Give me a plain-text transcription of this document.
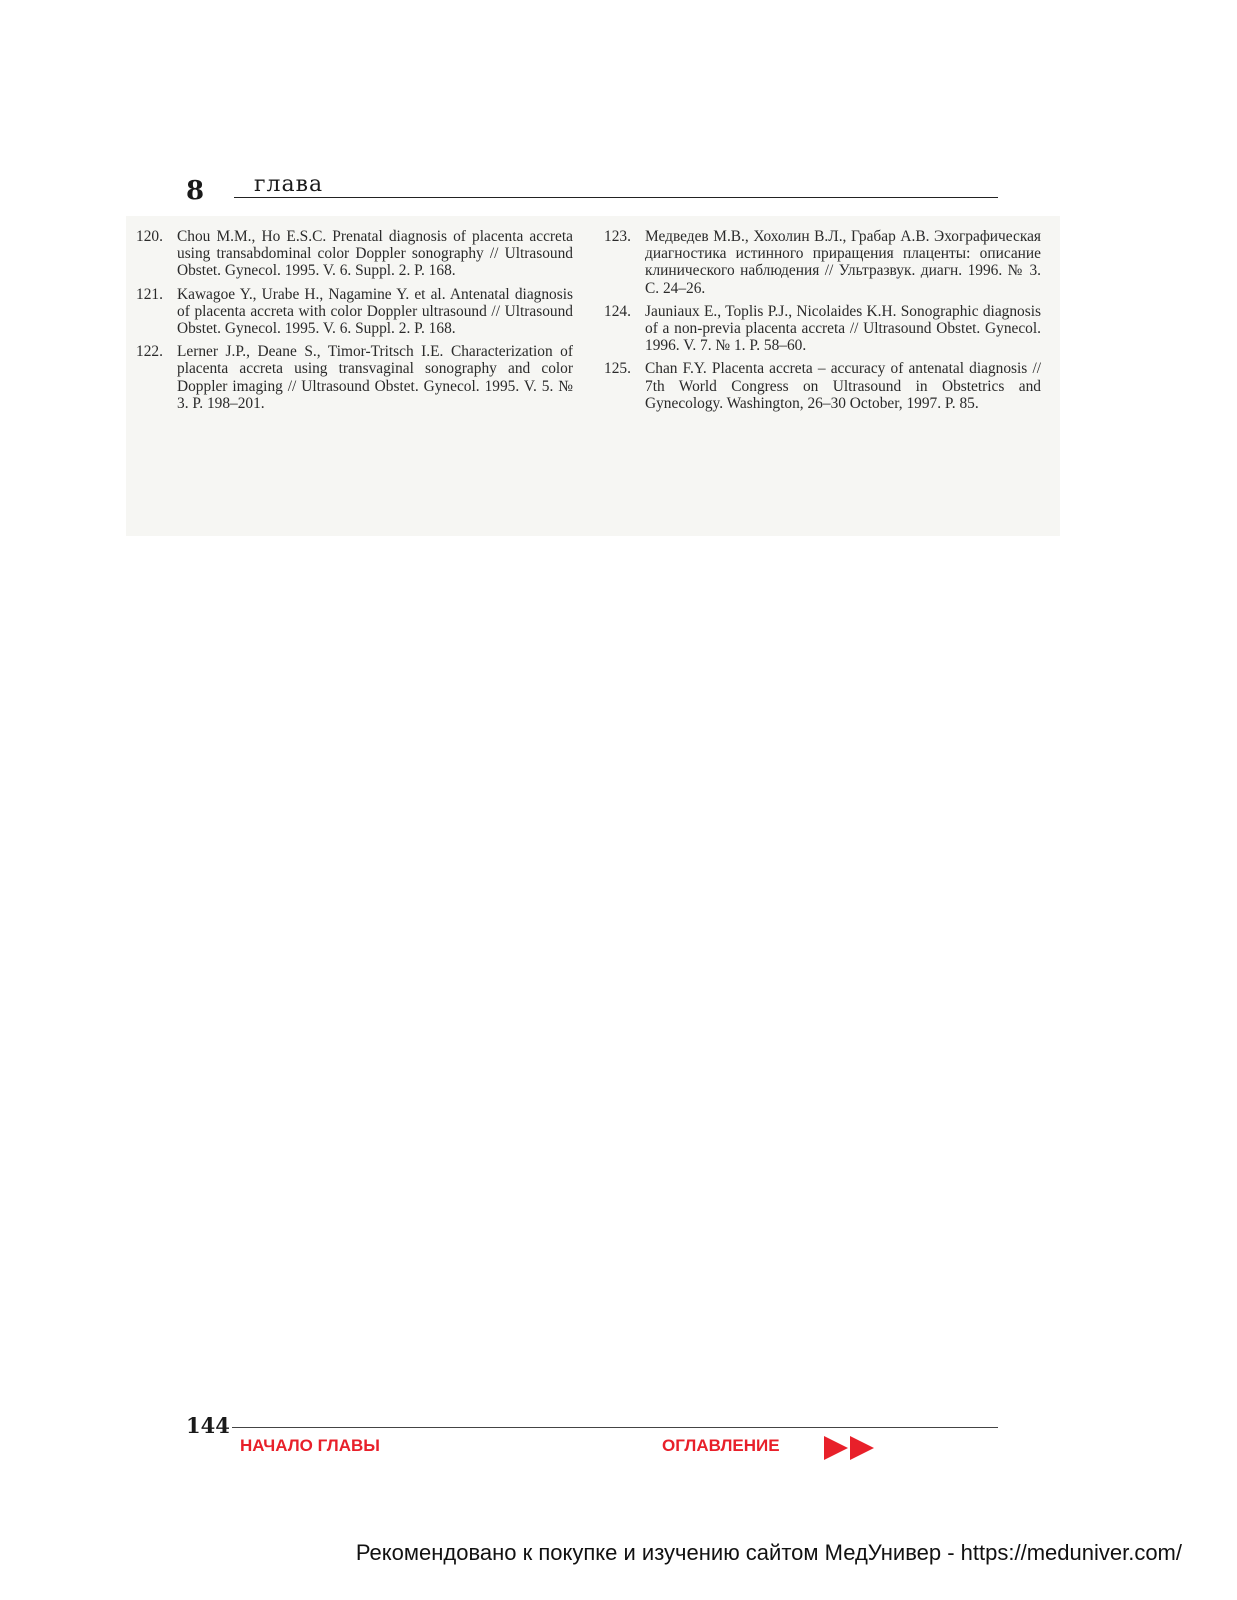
8 глава
120. Chou M.M., Ho E.S.C. Prenatal diagnosis of placenta accreta using transabdominal color Doppler sonography // Ultrasound Obstet. Gynecol. 1995. V. 6. Suppl. 2. P. 168.
121. Kawagoe Y., Urabe H., Nagamine Y. et al. Antenatal diagnosis of placenta accreta with color Doppler ultrasound // Ultrasound Obstet. Gynecol. 1995. V. 6. Suppl. 2. P. 168.
122. Lerner J.P., Deane S., Timor-Tritsch I.E. Characterization of placenta accreta using transvaginal sonography and color Doppler imaging // Ultrasound Obstet. Gynecol. 1995. V. 5. № 3. P. 198–201.
123. Медведев М.В., Хохолин В.Л., Грабар А.В. Эхографическая диагностика истинного приращения плаценты: описание клинического наблюдения // Ультразвук. диагн. 1996. № 3. С. 24–26.
124. Jauniaux E., Toplis P.J., Nicolaides K.H. Sonographic diagnosis of a non-previa placenta accreta // Ultrasound Obstet. Gynecol. 1996. V. 7. № 1. P. 58–60.
125. Chan F.Y. Placenta accreta – accuracy of antenatal diagnosis // 7th World Congress on Ultrasound in Obstetrics and Gynecology. Washington, 26–30 October, 1997. P. 85.
144
НАЧАЛО ГЛАВЫ	ОГЛАВЛЕНИЕ
Рекомендовано к покупке и изучению сайтом МедУнивер - https://meduniver.com/
